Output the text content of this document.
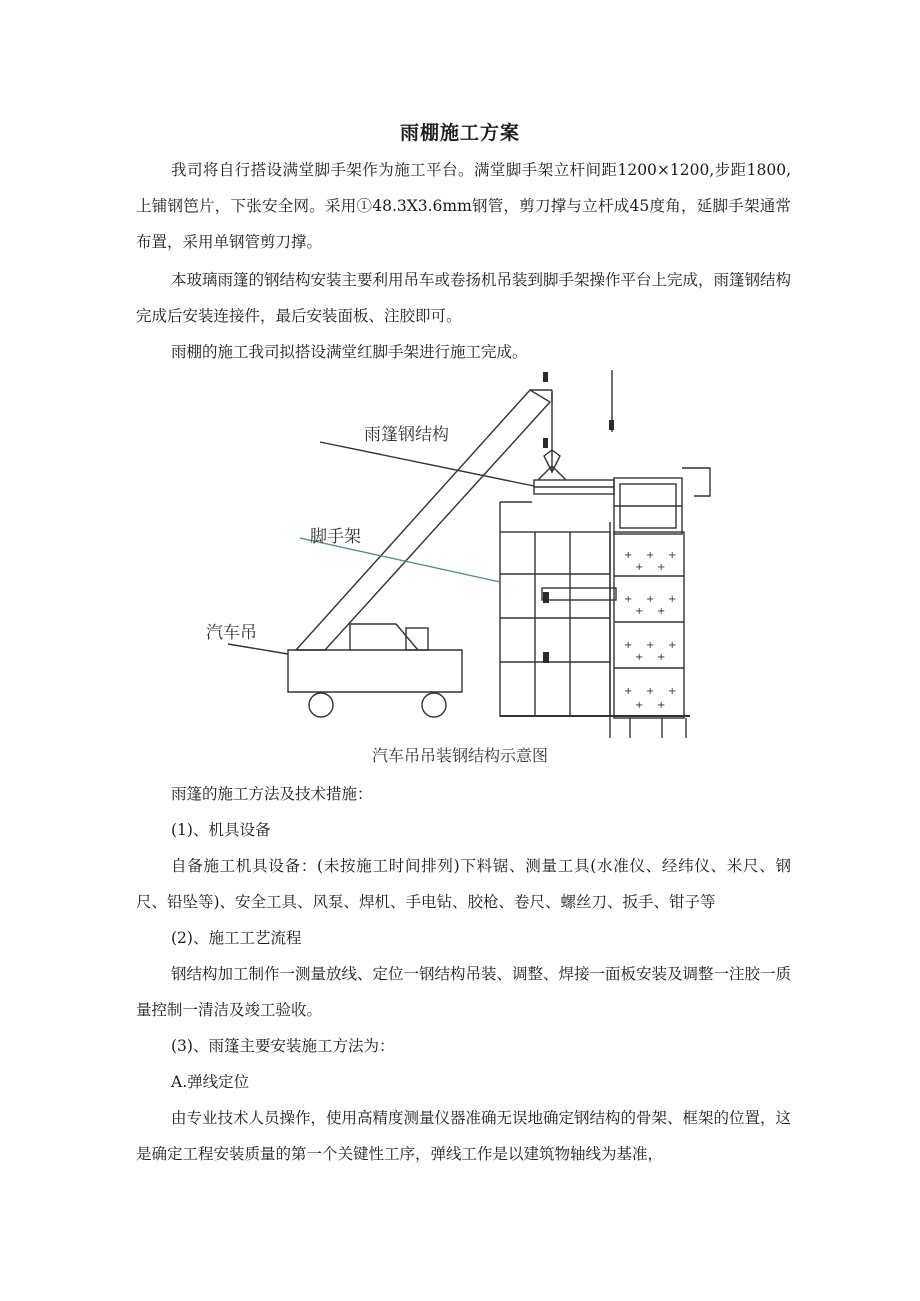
雨棚施工方案

我司将自行搭设满堂脚手架作为施工平台。满堂脚手架立杆间距1200×1200,步距1800,上铺钢笆片，下张安全网。采用①48.3X3.6mm钢管，剪刀撑与立杆成45度角，延脚手架通常布置，采用单钢管剪刀撑。

本玻璃雨篷的钢结构安装主要利用吊车或卷扬机吊装到脚手架操作平台上完成，雨篷钢结构完成后安装连接件，最后安装面板、注胶即可。

雨棚的施工我司拟搭设满堂红脚手架进行施工完成。

+ + +
+ +
+ + +
+ +
+ + +
+ +
+ + +
+ +
雨篷钢结构
脚手架
汽车吊
汽车吊吊装钢结构示意图

雨篷的施工方法及技术措施：

(1)、机具设备

自备施工机具设备：(未按施工时间排列)下料锯、测量工具(水准仪、经纬仪、米尺、钢尺、铅坠等)、安全工具、风泵、焊机、手电钻、胶枪、卷尺、螺丝刀、扳手、钳子等

(2)、施工工艺流程

钢结构加工制作一测量放线、定位一钢结构吊装、调整、焊接一面板安装及调整一注胶一质量控制一清洁及竣工验收。

(3)、雨篷主要安装施工方法为：

A.弹线定位

由专业技术人员操作，使用高精度测量仪器准确无误地确定钢结构的骨架、框架的位置，这是确定工程安装质量的第一个关键性工序，弹线工作是以建筑物轴线为基准，
